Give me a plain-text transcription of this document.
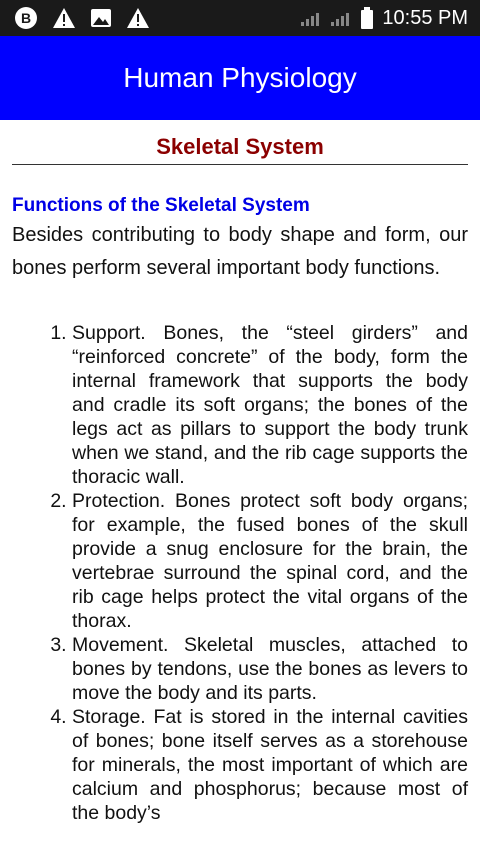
B	10:55 PM
Human Physiology
Skeletal System
Functions of the Skeletal System

Besides contributing to body shape and form, our bones perform several important body functions.

1. Support. Bones, the “steel girders” and “reinforced concrete” of the body, form the internal framework that supports the body and cradle its soft organs; the bones of the legs act as pillars to support the body trunk when we stand, and the rib cage supports the thoracic wall.
2. Protection. Bones protect soft body organs; for example, the fused bones of the skull provide a snug enclosure for the brain, the vertebrae surround the spinal cord, and the rib cage helps protect the vital organs of the thorax.
3. Movement. Skeletal muscles, attached to bones by tendons, use the bones as levers to move the body and its parts.
4. Storage. Fat is stored in the internal cavities of bones; bone itself serves as a storehouse for minerals, the most important of which are calcium and phosphorus; because most of the body’s
